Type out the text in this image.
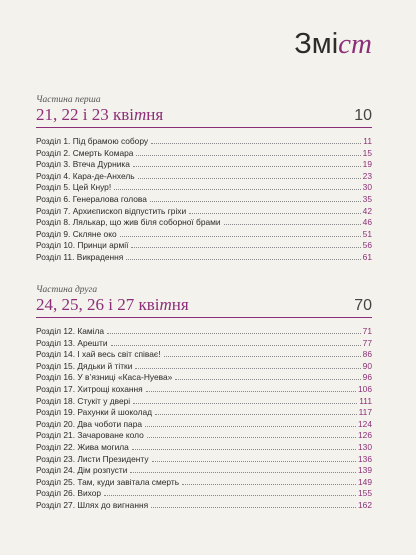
Зміст
Частина перша
21, 22 і 23 квітня	10
Розділ 1. Під брамою собору	11
Розділ 2. Смерть Комара	15
Розділ 3. Втеча Дурника	19
Розділ 4. Кара-де-Анхель	23
Розділ 5. Цей Кнур!	30
Розділ 6. Генералова голова	35
Розділ 7. Архиєпископ відпустить гріхи	42
Розділ 8. Лялькар, що жив біля соборної брами	46
Розділ 9. Скляне око	51
Розділ 10. Принци армії	56
Розділ 11. Викрадення	61
Частина друга
24, 25, 26 і 27 квітня	70
Розділ 12. Каміла	71
Розділ 13. Арешти	77
Розділ 14. І хай весь світ співає!	86
Розділ 15. Дядьки й тітки	90
Розділ 16. У в’язниці «Каса-Нуева»	96
Розділ 17. Хитрощі кохання	106
Розділ 18. Стукіт у двері	111
Розділ 19. Рахунки й шоколад	117
Розділ 20. Два чоботи пара	124
Розділ 21. Зачароване коло	126
Розділ 22. Жива могила	130
Розділ 23. Листи Президенту	136
Розділ 24. Дім розпусти	139
Розділ 25. Там, куди завітала смерть	149
Розділ 26. Вихор	155
Розділ 27. Шлях до вигнання	162
